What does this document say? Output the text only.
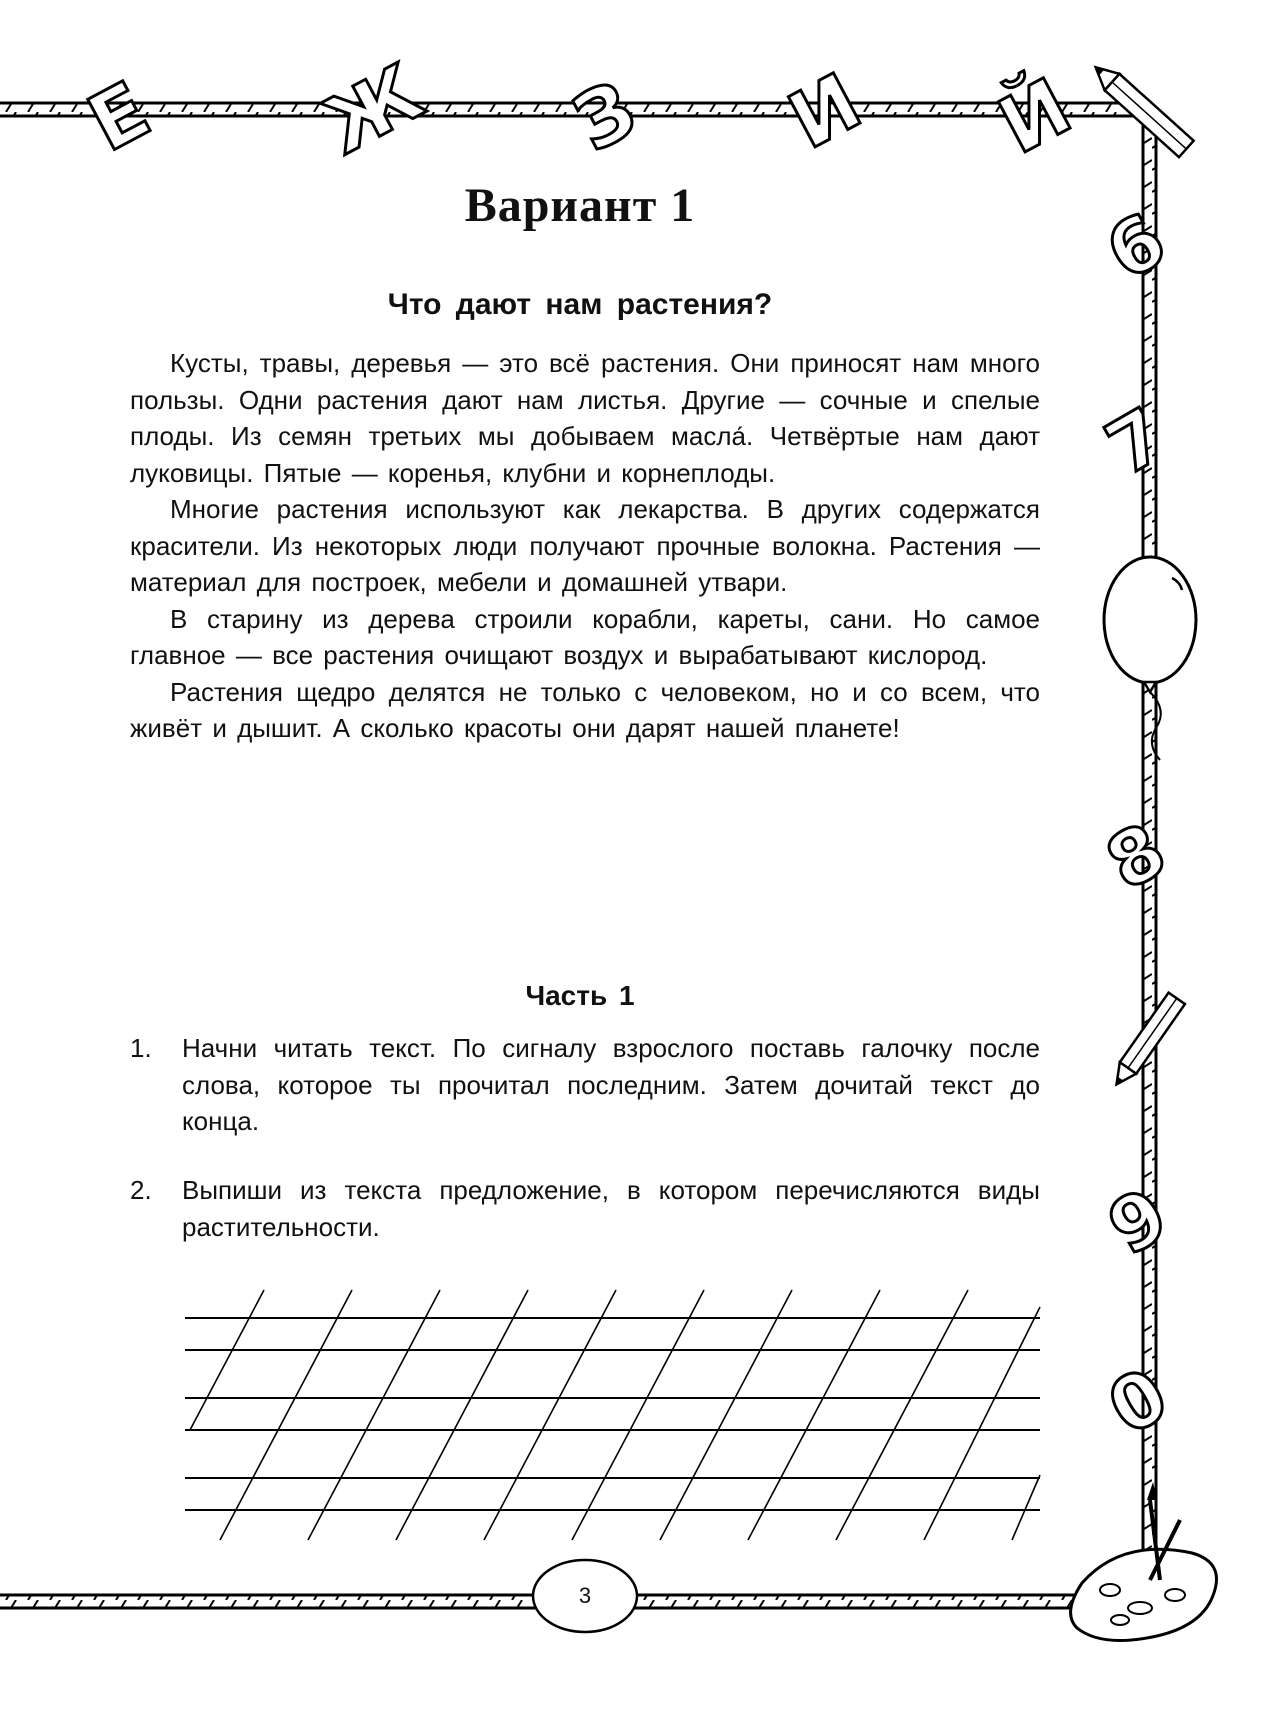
Е Ж З И Й
6
7
8
9
0
Вариант 1
Что дают нам растения?

Кусты, травы, деревья — это всё растения. Они приносят нам много пользы. Одни растения дают нам листья. Другие — сочные и спелые плоды. Из семян третьих мы добываем масла́. Четвёртые нам дают луковицы. Пятые — коренья, клубни и корнеплоды.

Многие растения используют как лекарства. В других содержатся красители. Из некоторых люди получают прочные волокна. Растения — материал для построек, мебели и домашней утвари.

В старину из дерева строили корабли, кареты, сани. Но самое главное — все растения очищают воздух и вырабатывают кислород.

Растения щедро делятся не только с человеком, но и со всем, что живёт и дышит. А сколько красоты они дарят нашей планете!

Часть 1
1. Начни читать текст. По сигналу взрослого поставь галочку после слова, которое ты прочитал последним. Затем дочитай текст до конца.
2. Выпиши из текста предложение, в котором перечисляются виды растительности.
3
